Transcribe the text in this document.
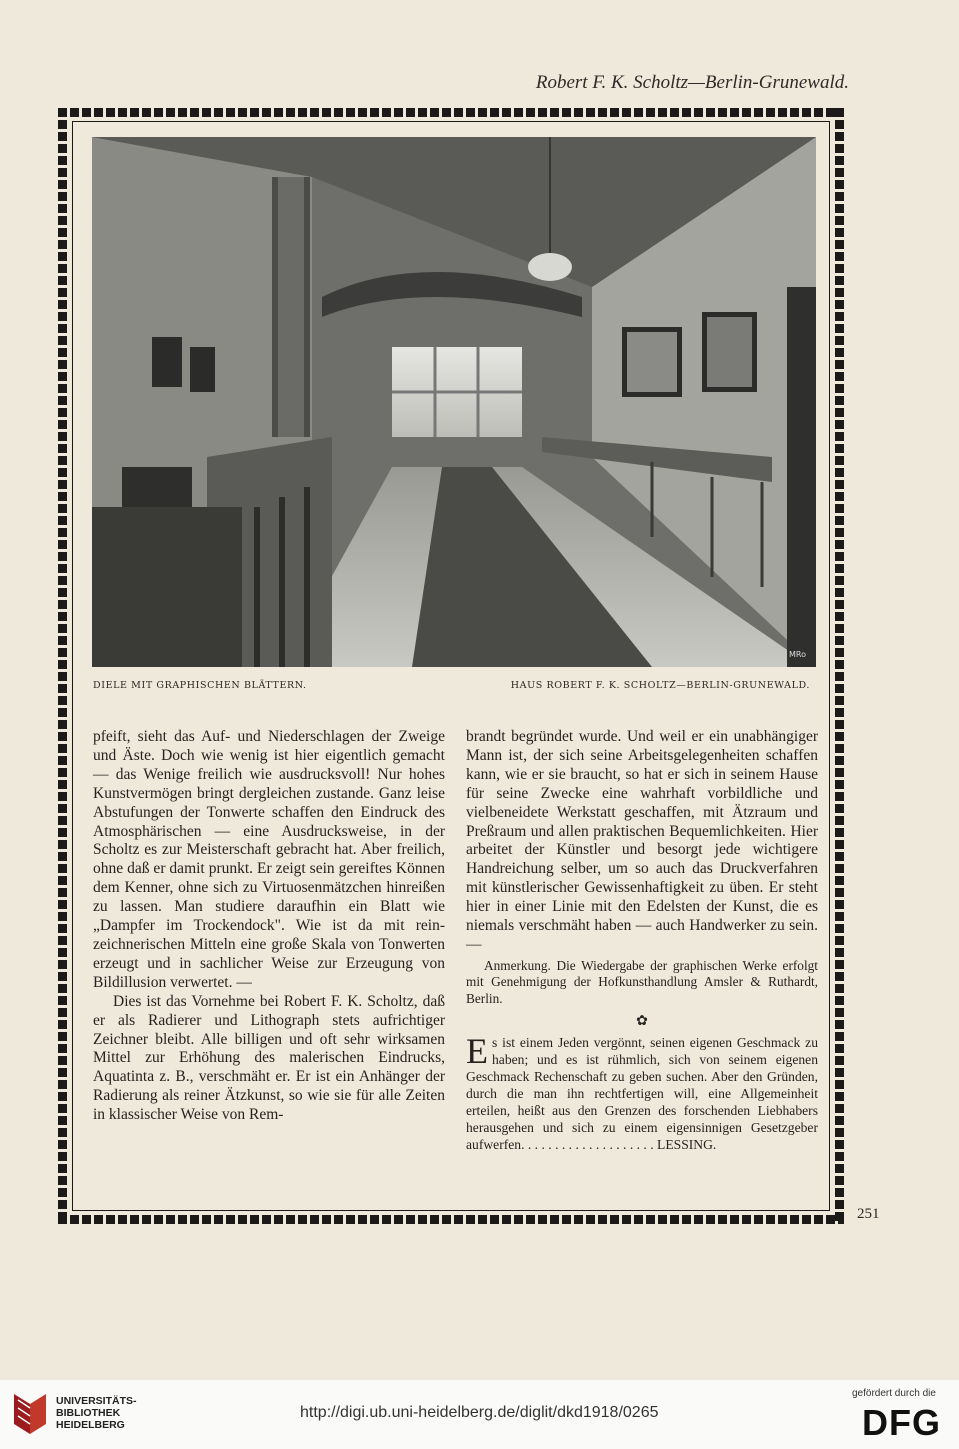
Robert F. K. Scholtz—Berlin-Grunewald.
MRo
DIELE MIT GRAPHISCHEN BLÄTTERN.	HAUS ROBERT F. K. SCHOLTZ—BERLIN-GRUNEWALD.

pfeift, sieht das Auf- und Niederschlagen der Zweige und Äste. Doch wie wenig ist hier eigentlich gemacht — das Wenige freilich wie ausdrucksvoll! Nur hohes Kunstvermögen bringt dergleichen zustande. Ganz leise Abstufungen der Tonwerte schaffen den Eindruck des Atmosphärischen — eine Ausdrucksweise, in der Scholtz es zur Meisterschaft gebracht hat. Aber freilich, ohne daß er damit prunkt. Er zeigt sein gereiftes Können dem Kenner, ohne sich zu Virtuosenmätzchen hinreißen zu lassen. Man studiere daraufhin ein Blatt wie „Dampfer im Trockendock". Wie ist da mit rein-zeichnerischen Mitteln eine große Skala von Tonwerten erzeugt und in sachlicher Weise zur Erzeugung von Bildillusion verwertet. —

Dies ist das Vornehme bei Robert F. K. Scholtz, daß er als Radierer und Lithograph stets aufrichtiger Zeichner bleibt. Alle billigen und oft sehr wirksamen Mittel zur Erhöhung des malerischen Eindrucks, Aquatinta z. B., verschmäht er. Er ist ein Anhänger der Radierung als reiner Ätzkunst, so wie sie für alle Zeiten in klassischer Weise von Rem-

brandt begründet wurde. Und weil er ein unabhängiger Mann ist, der sich seine Arbeitsgelegenheiten schaffen kann, wie er sie braucht, so hat er sich in seinem Hause für seine Zwecke eine wahrhaft vorbildliche und vielbeneidete Werkstatt geschaffen, mit Ätzraum und Preßraum und allen praktischen Bequemlichkeiten. Hier arbeitet der Künstler und besorgt jede wichtigere Handreichung selber, um so auch das Druckverfahren mit künstlerischer Gewissenhaftigkeit zu üben. Er steht hier in einer Linie mit den Edelsten der Kunst, die es niemals verschmäht haben — auch Handwerker zu sein. —

Anmerkung. Die Wiedergabe der graphischen Werke erfolgt mit Genehmigung der Hofkunsthandlung Amsler & Ruthardt, Berlin.

✿

Es ist einem Jeden vergönnt, seinen eigenen Geschmack zu haben; und es ist rühmlich, sich von seinem eigenen Geschmack Rechenschaft zu geben suchen. Aber den Gründen, durch die man ihn rechtfertigen will, eine Allgemeinheit erteilen, heißt aus den Grenzen des forschenden Liebhabers herausgehen und sich zu einem eigensinnigen Gesetzgeber aufwerfen. . . . . . . . . . . . . . . . . . . . LESSING.

251
UNIVERSITÄTS-
BIBLIOTHEK
HEIDELBERG
http://digi.ub.uni-heidelberg.de/diglit/dkd1918/0265
gefördert durch die
DFG
